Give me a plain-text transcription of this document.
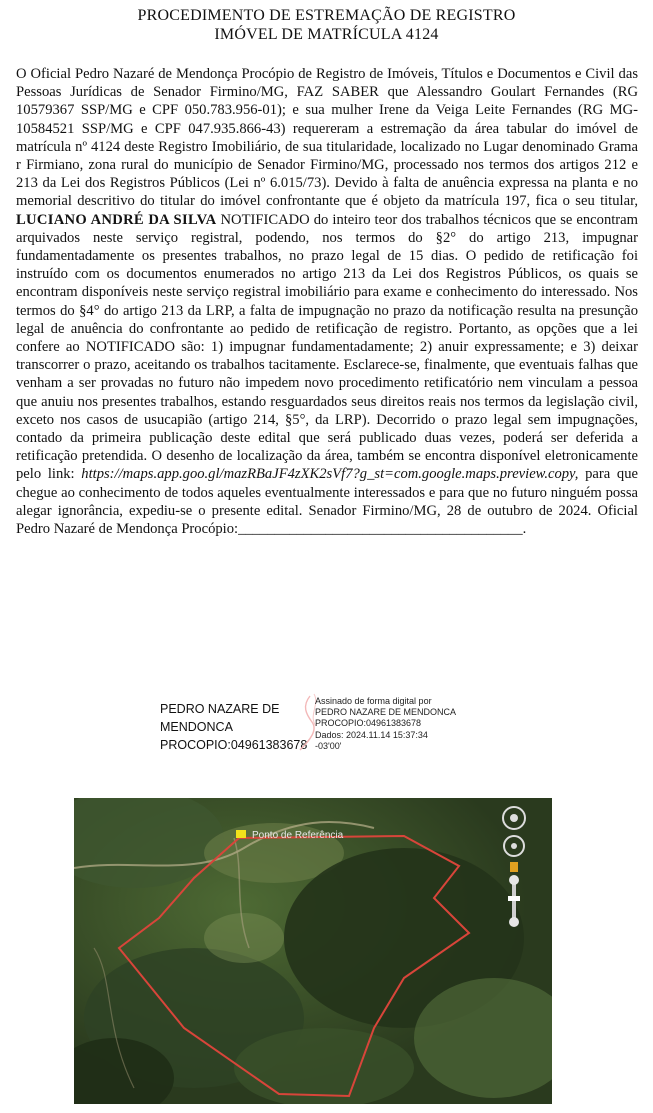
PROCEDIMENTO DE ESTREMAÇÃO DE REGISTRO
IMÓVEL DE MATRÍCULA 4124
O Oficial Pedro Nazaré de Mendonça Procópio de Registro de Imóveis, Títulos e Documentos e Civil das Pessoas Jurídicas de Senador Firmino/MG, FAZ SABER que Alessandro Goulart Fernandes (RG 10579367 SSP/MG e CPF 050.783.956-01); e sua mulher Irene da Veiga Leite Fernandes (RG MG-10584521 SSP/MG e CPF 047.935.866-43) requereram a estremação da área tabular do imóvel de matrícula nº 4124 deste Registro Imobiliário, de sua titularidade, localizado no Lugar denominado Grama r Firmiano, zona rural do município de Senador Firmino/MG, processado nos termos dos artigos 212 e 213 da Lei dos Registros Públicos (Lei nº 6.015/73). Devido à falta de anuência expressa na planta e no memorial descritivo do titular do imóvel confrontante que é objeto da matrícula 197, fica o seu titular, LUCIANO ANDRÉ DA SILVA NOTIFICADO do inteiro teor dos trabalhos técnicos que se encontram arquivados neste serviço registral, podendo, nos termos do §2° do artigo 213, impugnar fundamentadamente os presentes trabalhos, no prazo legal de 15 dias. O pedido de retificação foi instruído com os documentos enumerados no artigo 213 da Lei dos Registros Públicos, os quais se encontram disponíveis neste serviço registral imobiliário para exame e conhecimento do interessado. Nos termos do §4° do artigo 213 da LRP, a falta de impugnação no prazo da notificação resulta na presunção legal de anuência do confrontante ao pedido de retificação de registro. Portanto, as opções que a lei confere ao NOTIFICADO são: 1) impugnar fundamentadamente; 2) anuir expressamente; e 3) deixar transcorrer o prazo, aceitando os trabalhos tacitamente. Esclarece-se, finalmente, que eventuais falhas que venham a ser provadas no futuro não impedem novo procedimento retificatório nem vinculam a pessoa que anuiu nos presentes trabalhos, estando resguardados seus direitos reais nos termos da legislação civil, exceto nos casos de usucapião (artigo 214, §5°, da LRP). Decorrido o prazo legal sem impugnações, contado da primeira publicação deste edital que será publicado duas vezes, poderá ser deferida a retificação pretendida. O desenho de localização da área, também se encontra disponível eletronicamente pelo link: https://maps.app.goo.gl/mazRBaJF4zXK2sVf7?g_st=com.google.maps.preview.copy, para que chegue ao conhecimento de todos aqueles eventualmente interessados e para que no futuro ninguém possa alegar ignorância, expediu-se o presente edital. Senador Firmino/MG, 28 de outubro de 2024. Oficial Pedro Nazaré de Mendonça Procópio:_______________________________________.
PEDRO NAZARE DE
MENDONCA
PROCOPIO:04961383678
Assinado de forma digital por
PEDRO NAZARE DE MENDONCA
PROCOPIO:04961383678
Dados: 2024.11.14 15:37:34
-03'00'
Ponto de Referência
